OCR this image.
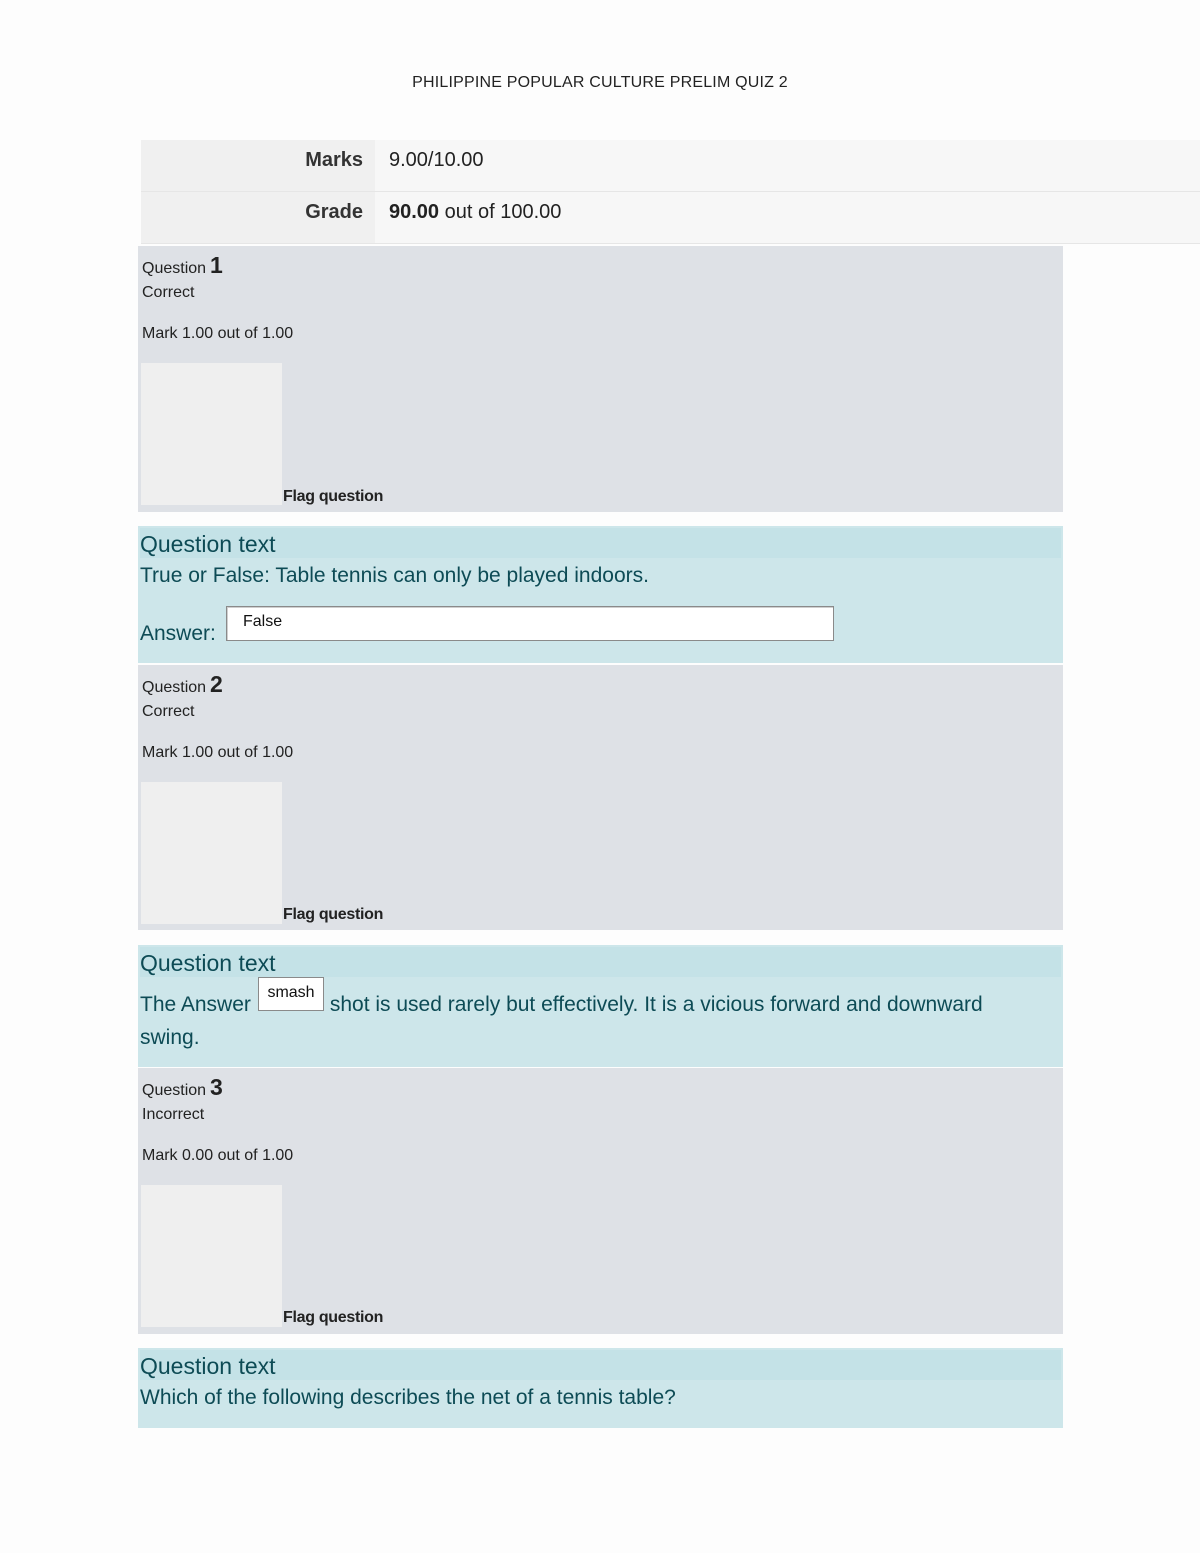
PHILIPPINE POPULAR CULTURE PRELIM QUIZ 2
Marks	9.00/10.00
Grade	90.00 out of 100.00
Question 1
Correct
Mark 1.00 out of 1.00
Flag question
Question text
True or False: Table tennis can only be played indoors.
Answer:
False
Question 2
Correct
Mark 1.00 out of 1.00
Flag question
Question text
The Answer
smash
shot is used rarely but effectively. It is a vicious forward and downward
swing.
Question 3
Incorrect
Mark 0.00 out of 1.00
Flag question
Question text
Which of the following describes the net of a tennis table?
